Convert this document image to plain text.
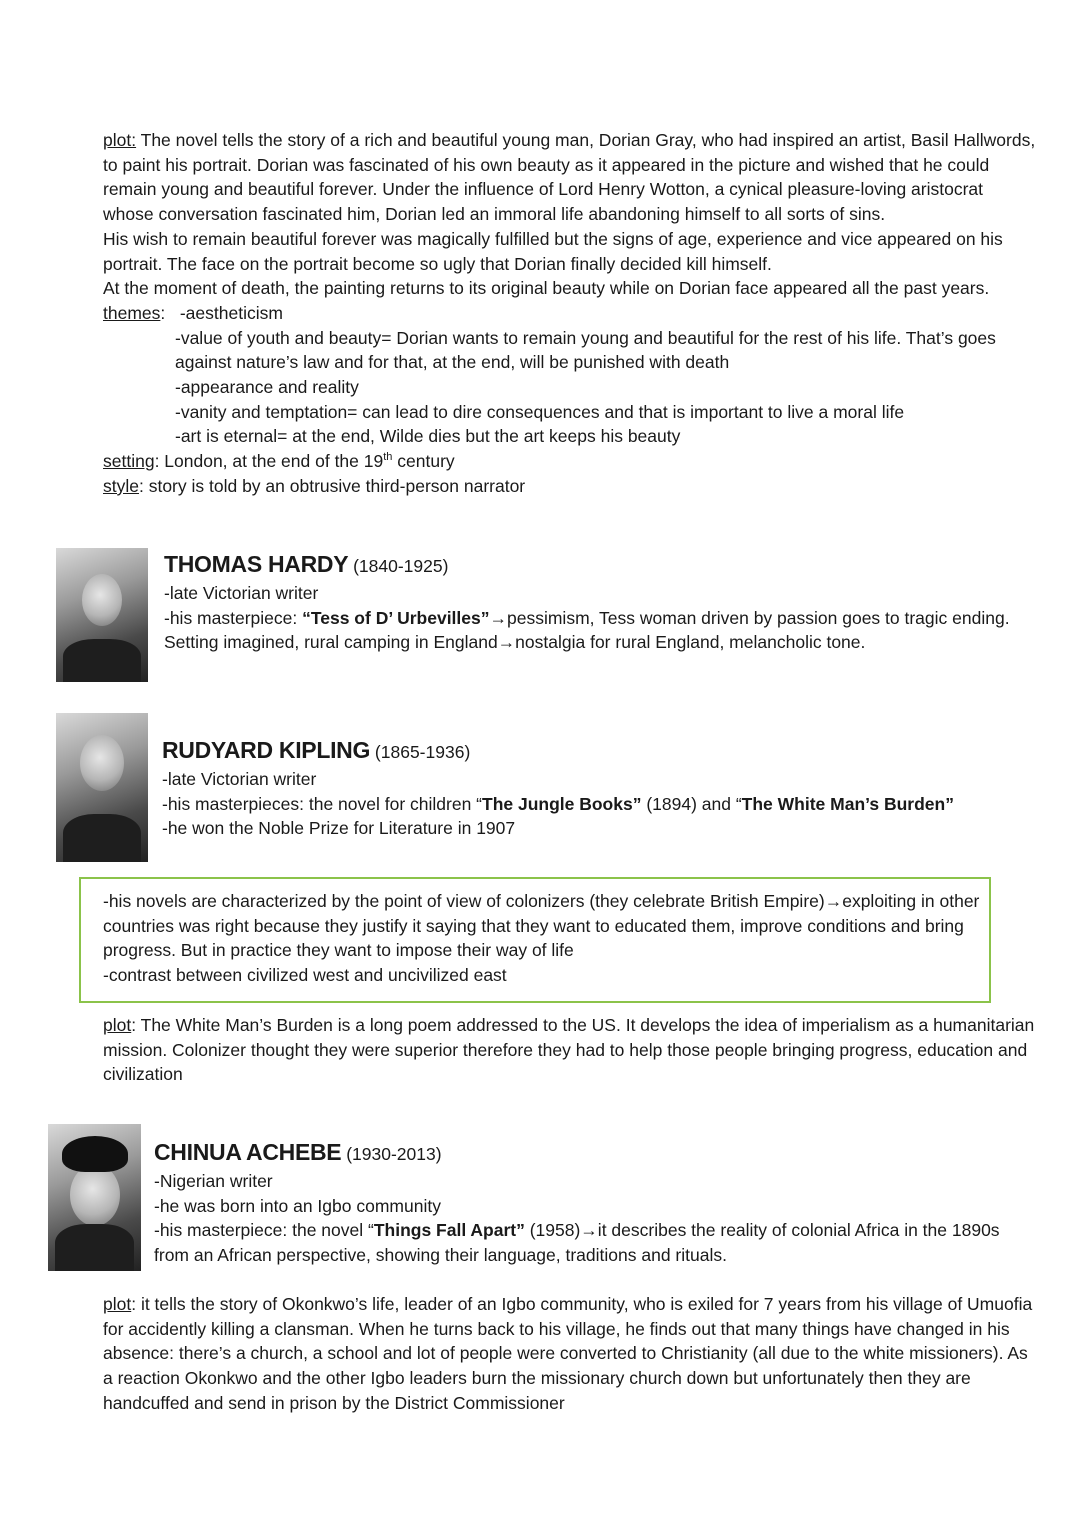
plot: The novel tells the story of a rich and beautiful young man, Dorian Gray, who had inspired an artist, Basil Hallwords,
to paint his portrait. Dorian was fascinated of his own beauty as it appeared in the picture and wished that he could
remain young and beautiful forever. Under the influence of Lord Henry Wotton, a cynical pleasure-loving aristocrat
whose conversation fascinated him, Dorian led an immoral life abandoning himself to all sorts of sins.
His wish to remain beautiful forever was magically fulfilled but the signs of age, experience and vice appeared on his
portrait. The face on the portrait become so ugly that Dorian finally decided kill himself.
At the moment of death, the painting returns to its original beauty while on Dorian face appeared all the past years.
themes:   -aestheticism
-value of youth and beauty= Dorian wants to remain young and beautiful for the rest of his life. That’s goes
against nature’s law and for that, at the end, will be punished with death
-appearance and reality
-vanity and temptation= can lead to dire consequences and that is important to live a moral life
-art is eternal= at the end, Wilde dies but the art keeps his beauty
setting: London, at the end of the 19th century
style: story is told by an obtrusive third-person narrator
THOMAS HARDY (1840-1925)
-late Victorian writer
-his masterpiece: “Tess of D’ Urbevilles”→pessimism, Tess woman driven by passion goes to tragic ending.
Setting imagined, rural camping in England→nostalgia for rural England, melancholic tone.
RUDYARD KIPLING (1865-1936)
-late Victorian writer
-his masterpieces: the novel for children “The Jungle Books” (1894) and “The White Man’s Burden”
-he won the Noble Prize for Literature in 1907
-his novels are characterized by the point of view of colonizers (they celebrate British Empire)→exploiting in other
countries was right because they justify it saying that they want to educated them, improve conditions and bring
progress. But in practice they want to impose their way of life
-contrast between civilized west and uncivilized east
plot: The White Man’s Burden is a long poem addressed to the US. It develops the idea of imperialism as a humanitarian
mission. Colonizer thought they were superior therefore they had to help those people bringing progress, education and
civilization
CHINUA ACHEBE (1930-2013)
-Nigerian writer
-he was born into an Igbo community
-his masterpiece: the novel “Things Fall Apart” (1958)→it describes the reality of colonial Africa in the 1890s
from an African perspective, showing their language, traditions and rituals.
plot: it tells the story of Okonkwo’s life, leader of an Igbo community, who is exiled for 7 years from his village of Umuofia
for accidently killing a clansman. When he turns back to his village, he finds out that many things have changed in his
absence: there’s a church, a school and lot of people were converted to Christianity (all due to the white missioners). As
a reaction Okonkwo and the other Igbo leaders burn the missionary church down but unfortunately then they are
handcuffed and send in prison by the District Commissioner
